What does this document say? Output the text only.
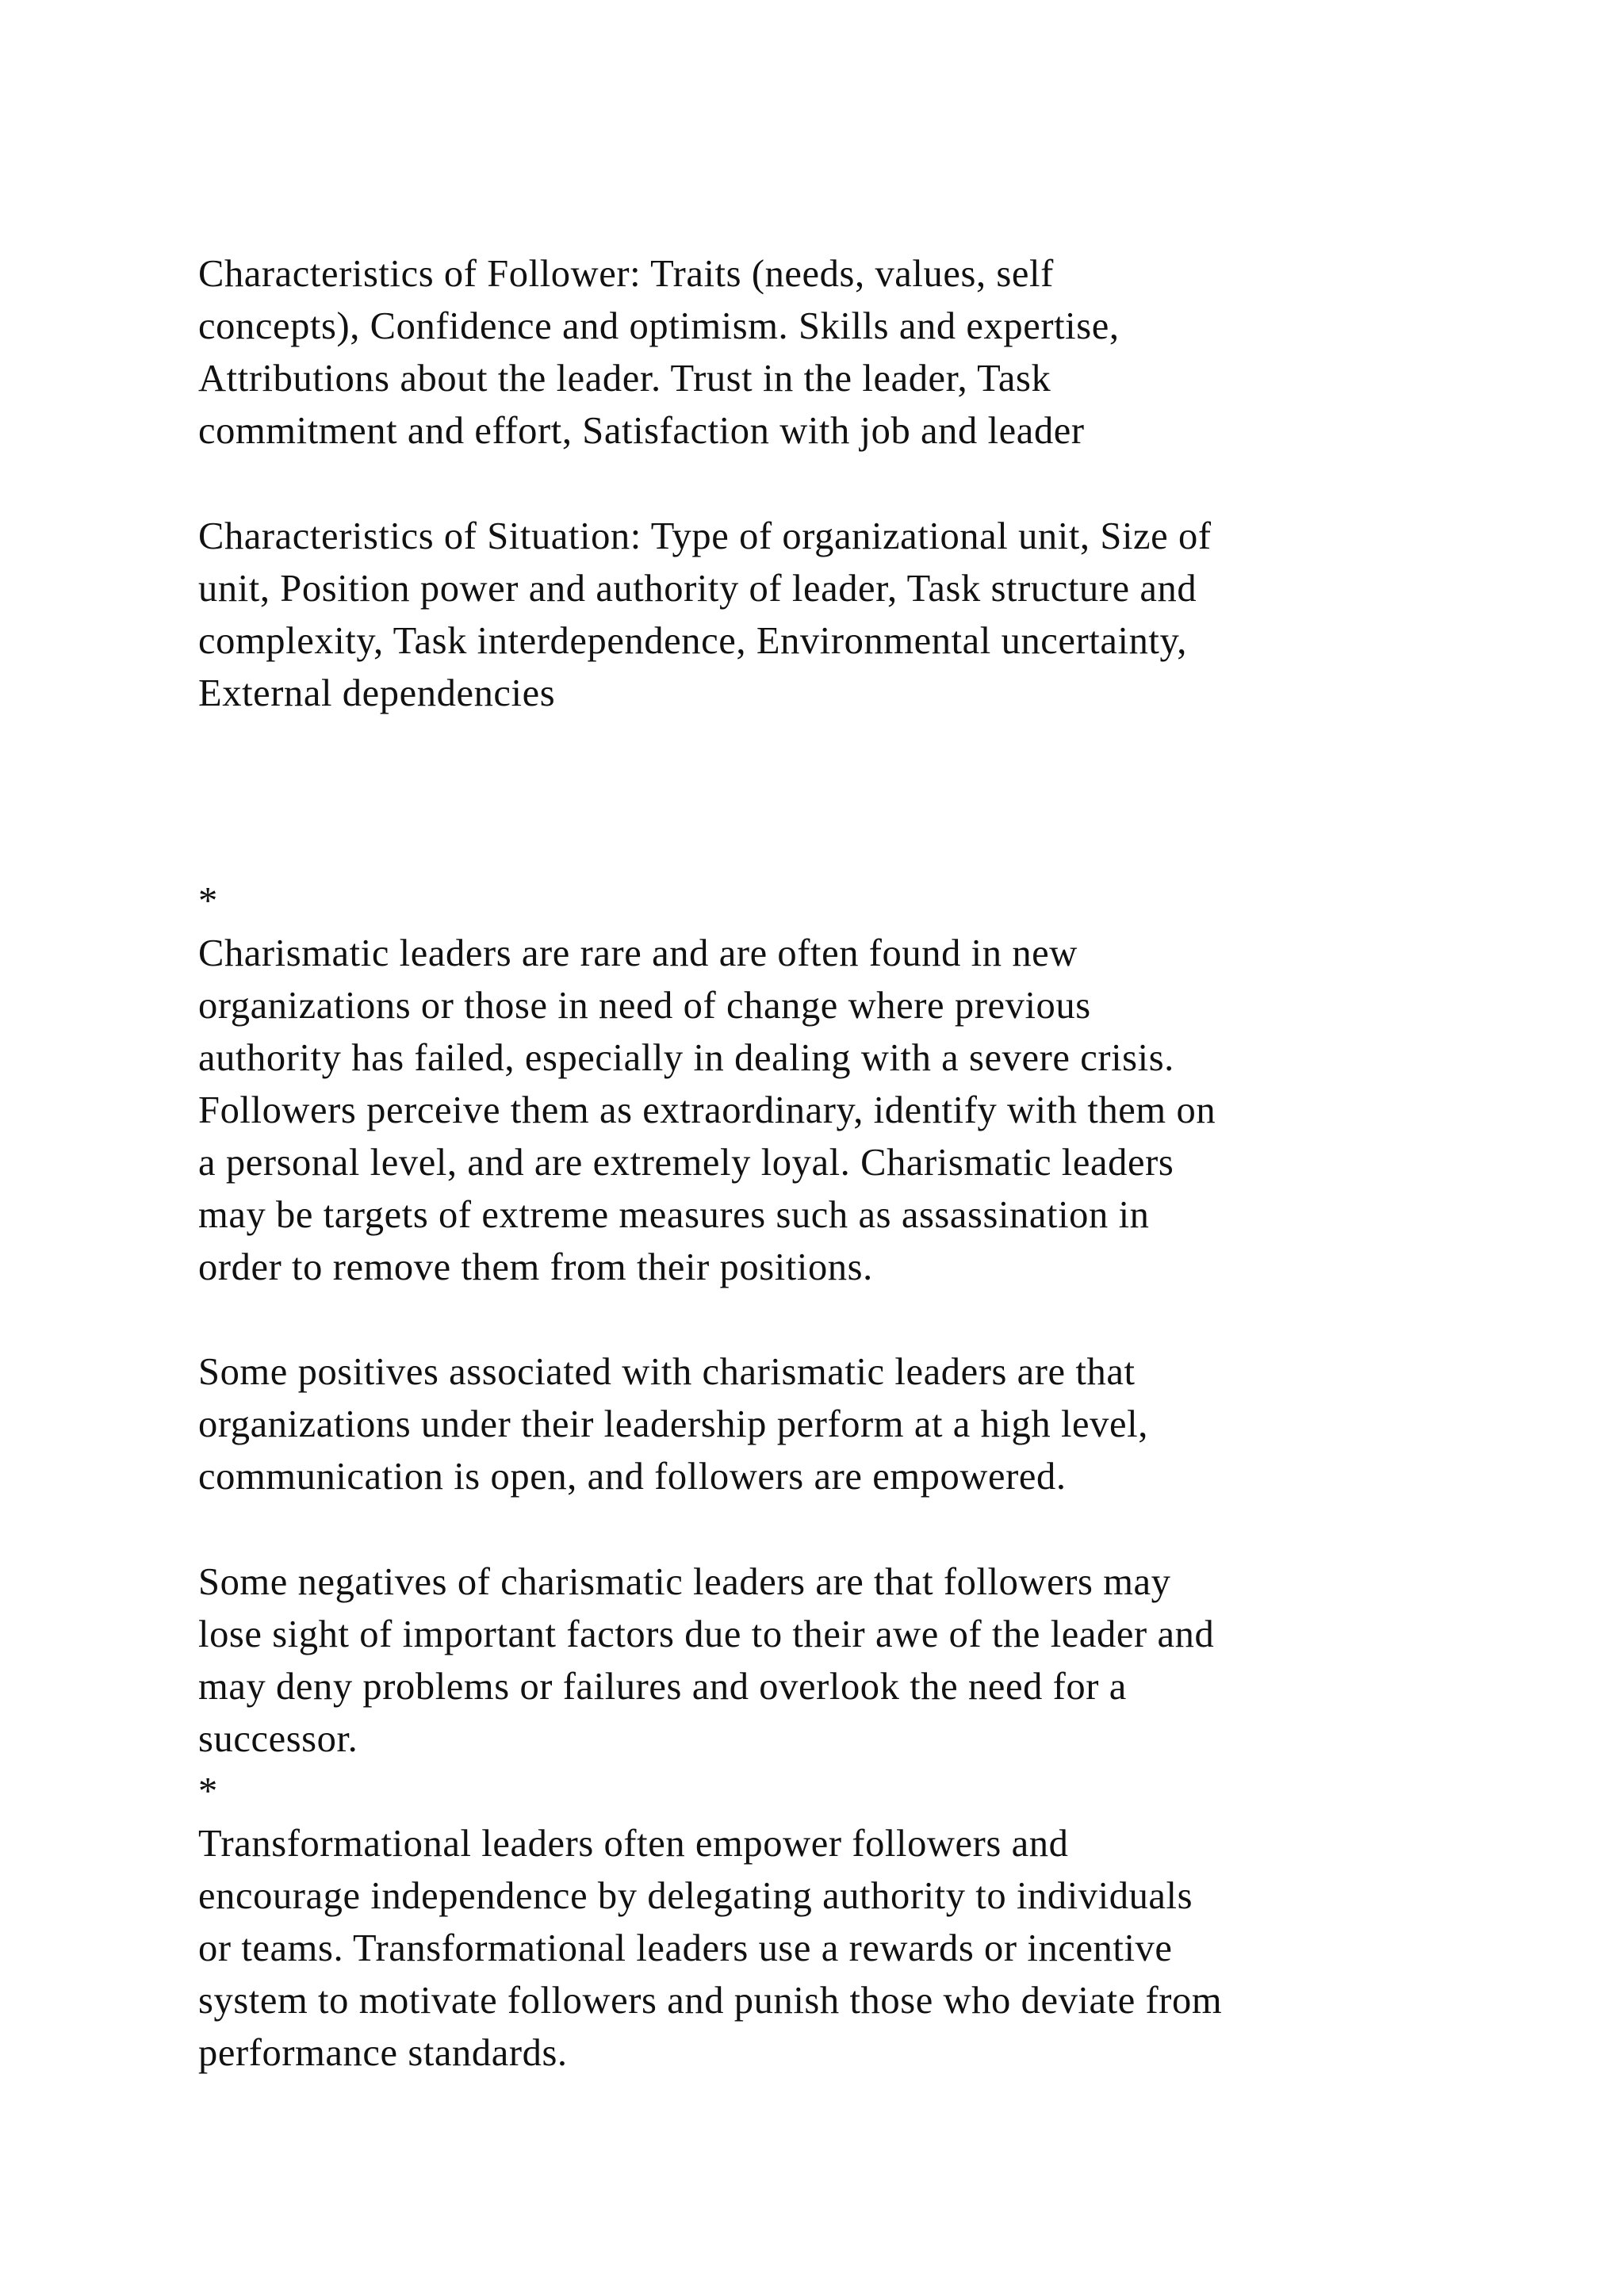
Characteristics of Follower: Traits (needs, values, self
concepts), Confidence and optimism. Skills and expertise,
Attributions about the leader. Trust in the leader, Task
commitment and effort, Satisfaction with job and leader

Characteristics of Situation: Type of organizational unit, Size of
unit, Position power and authority of leader, Task structure and
complexity, Task interdependence, Environmental uncertainty,
External dependencies

*

Charismatic leaders are rare and are often found in new
organizations or those in need of change where previous
authority has failed, especially in dealing with a severe crisis.
Followers perceive them as extraordinary, identify with them on
a personal level, and are extremely loyal. Charismatic leaders
may be targets of extreme measures such as assassination in
order to remove them from their positions.

Some positives associated with charismatic leaders are that
organizations under their leadership perform at a high level,
communication is open, and followers are empowered.

Some negatives of charismatic leaders are that followers may
lose sight of important factors due to their awe of the leader and
may deny problems or failures and overlook the need for a
successor.

*

Transformational leaders often empower followers and
encourage independence by delegating authority to individuals
or teams. Transformational leaders use a rewards or incentive
system to motivate followers and punish those who deviate from
performance standards.
